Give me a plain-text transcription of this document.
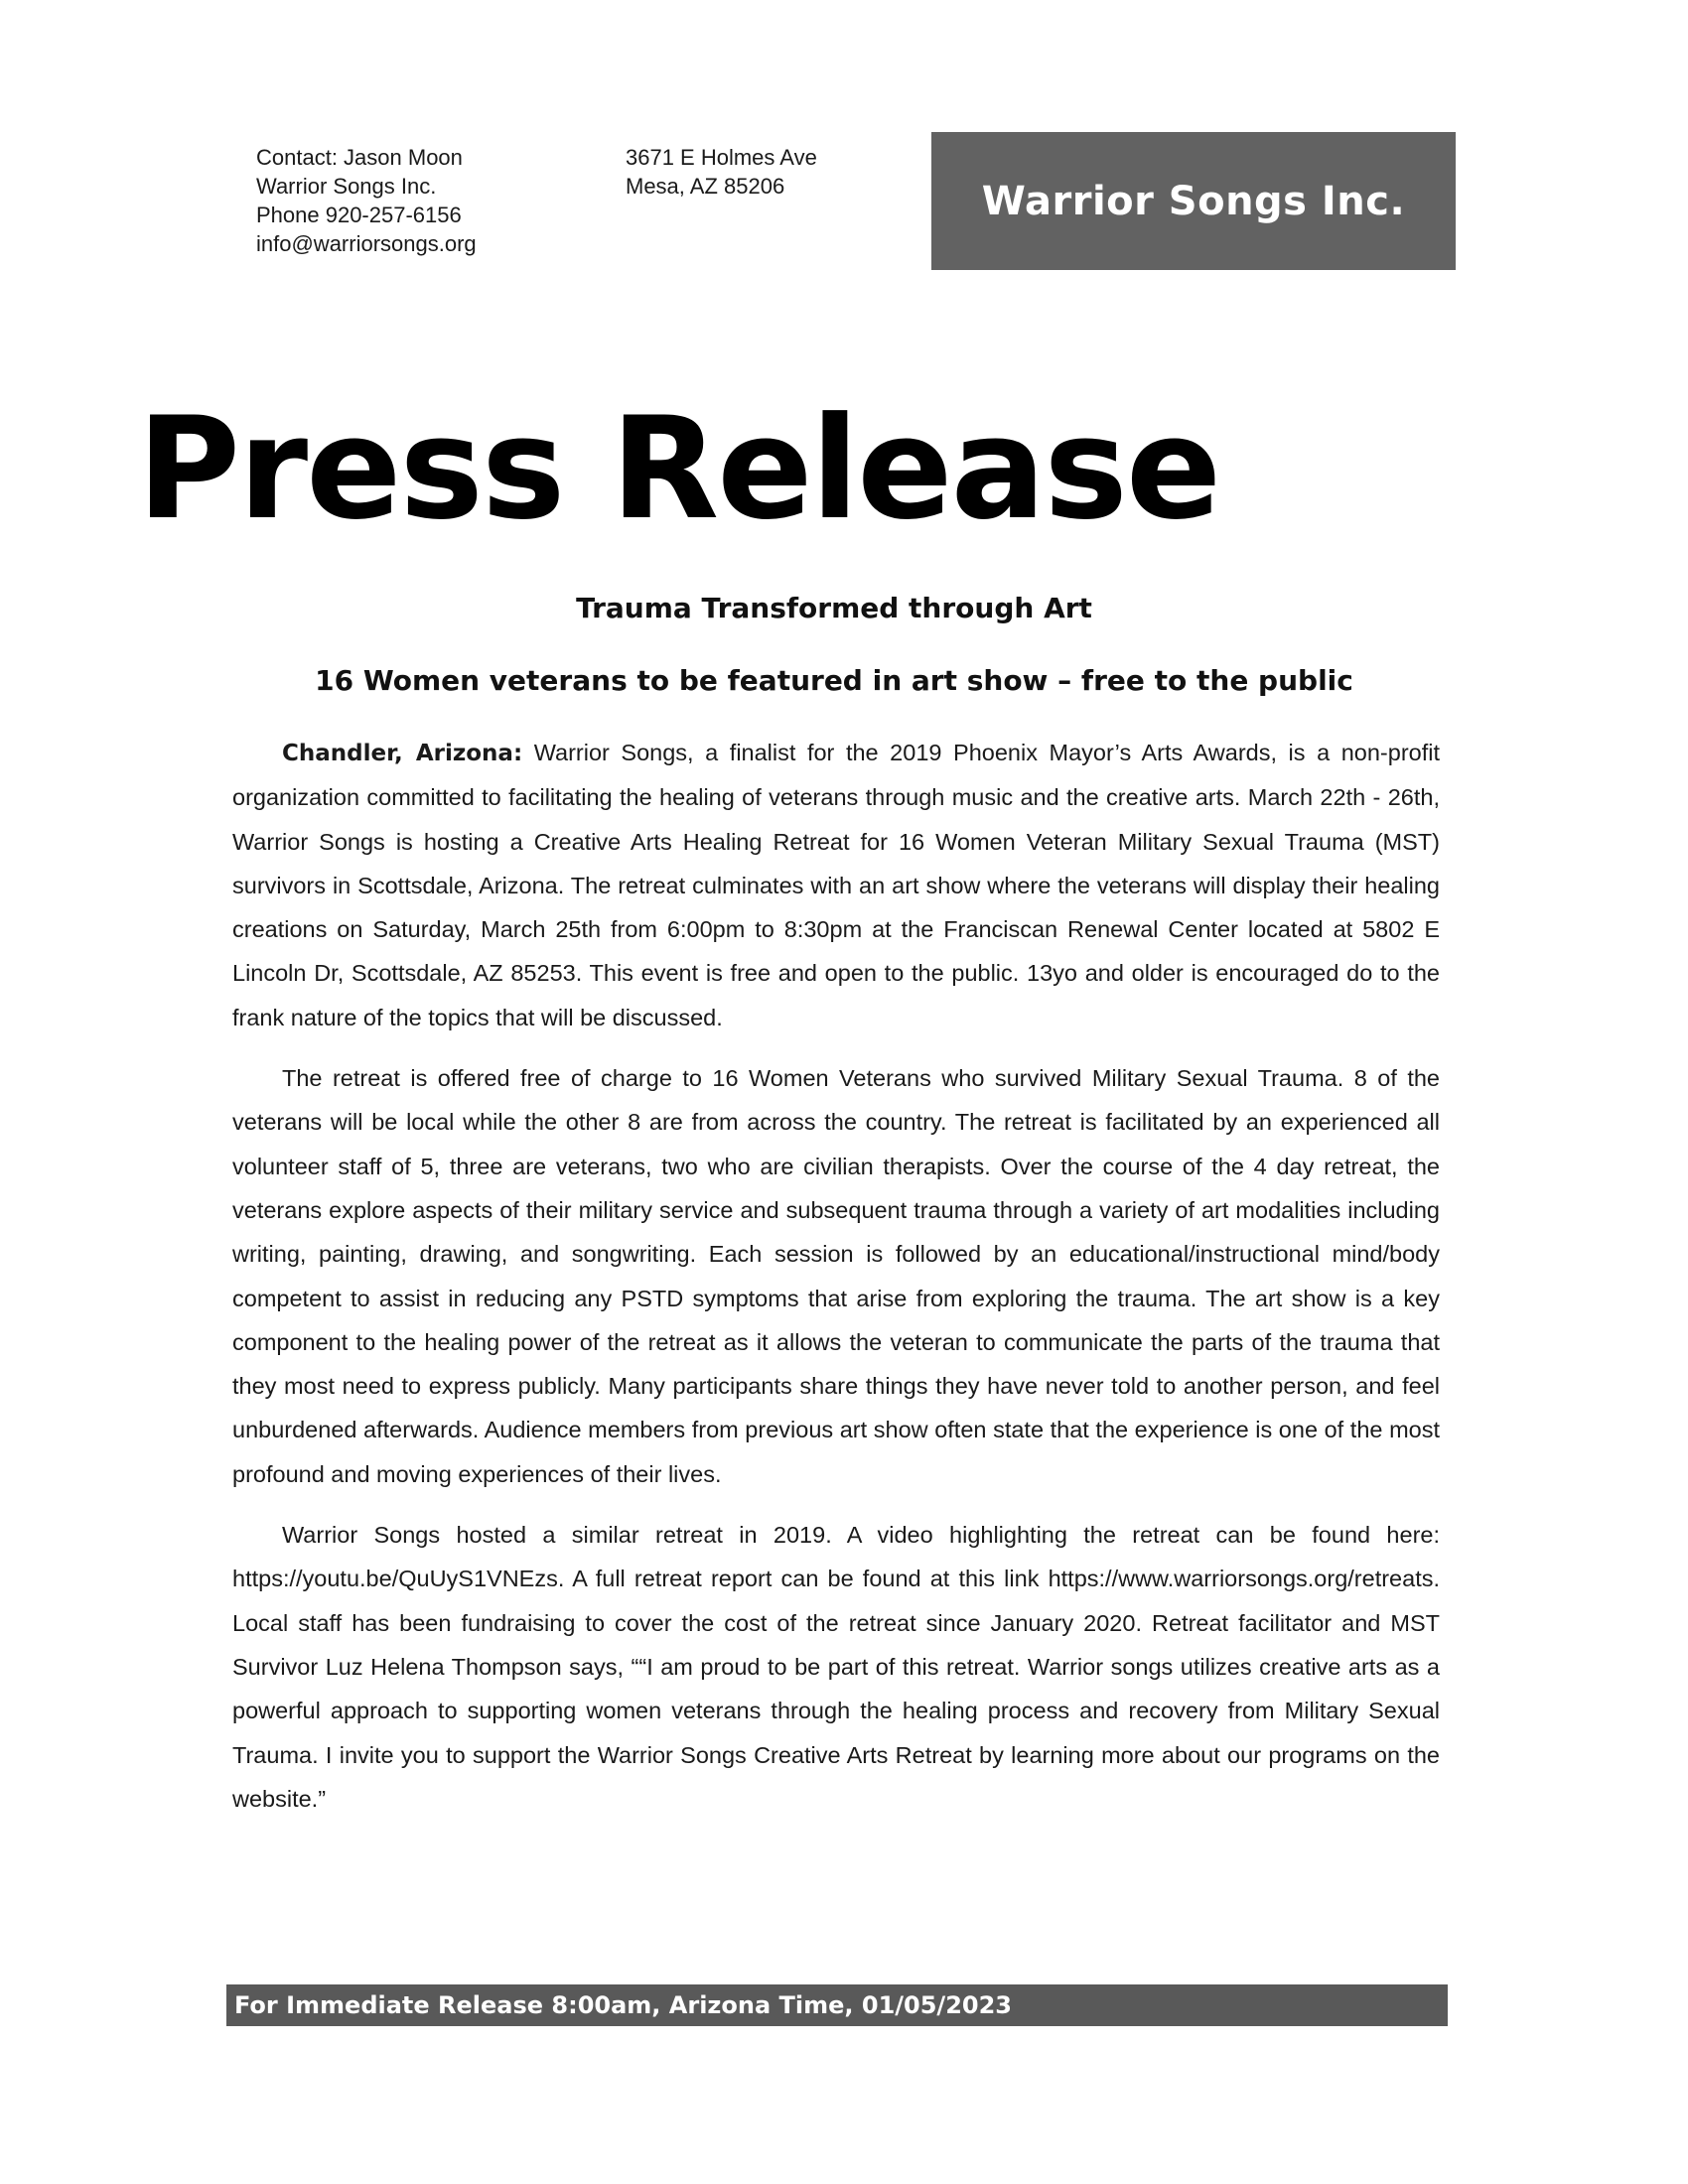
Contact: Jason Moon
Warrior Songs Inc.
Phone 920-257-6156
info@warriorsongs.org
3671 E Holmes Ave
Mesa, AZ 85206	Warrior Songs Inc.
Press Release
Trauma Transformed through Art
16 Women veterans to be featured in art show – free to the public

Chandler, Arizona: Warrior Songs, a finalist for the 2019 Phoenix Mayor’s Arts Awards, is a non-profit organization committed to facilitating the healing of veterans through music and the creative arts. March 22th - 26th, Warrior Songs is hosting a Creative Arts Healing Retreat for 16 Women Veteran Military Sexual Trauma (MST) survivors in Scottsdale, Arizona. The retreat culminates with an art show where the veterans will display their healing creations on Saturday, March 25th from 6:00pm to 8:30pm at the Franciscan Renewal Center located at 5802 E Lincoln Dr, Scottsdale, AZ 85253. This event is free and open to the public. 13yo and older is encouraged do to the frank nature of the topics that will be discussed.

The retreat is offered free of charge to 16 Women Veterans who survived Military Sexual Trauma. 8 of the veterans will be local while the other 8 are from across the country. The retreat is facilitated by an experienced all volunteer staff of 5, three are veterans, two who are civilian therapists. Over the course of the 4 day retreat, the veterans explore aspects of their military service and subsequent trauma through a variety of art modalities including writing, painting, drawing, and songwriting. Each session is followed by an educational/instructional mind/body competent to assist in reducing any PSTD symptoms that arise from exploring the trauma. The art show is a key component to the healing power of the retreat as it allows the veteran to communicate the parts of the trauma that they most need to express publicly. Many participants share things they have never told to another person, and feel unburdened afterwards. Audience members from previous art show often state that the experience is one of the most profound and moving experiences of their lives.

Warrior Songs hosted a similar retreat in 2019. A video highlighting the retreat can be found here: https://youtu.be/QuUyS1VNEzs. A full retreat report can be found at this link https://www.warriorsongs.org/retreats. Local staff has been fundraising to cover the cost of the retreat since January 2020. Retreat facilitator and MST Survivor Luz Helena Thompson says, ““I am proud to be part of this retreat. Warrior songs utilizes creative arts as a powerful approach to supporting women veterans through the healing process and recovery from Military Sexual Trauma. I invite you to support the Warrior Songs Creative Arts Retreat by learning more about our programs on the website.”

For Immediate Release 8:00am, Arizona Time, 01/05/2023
